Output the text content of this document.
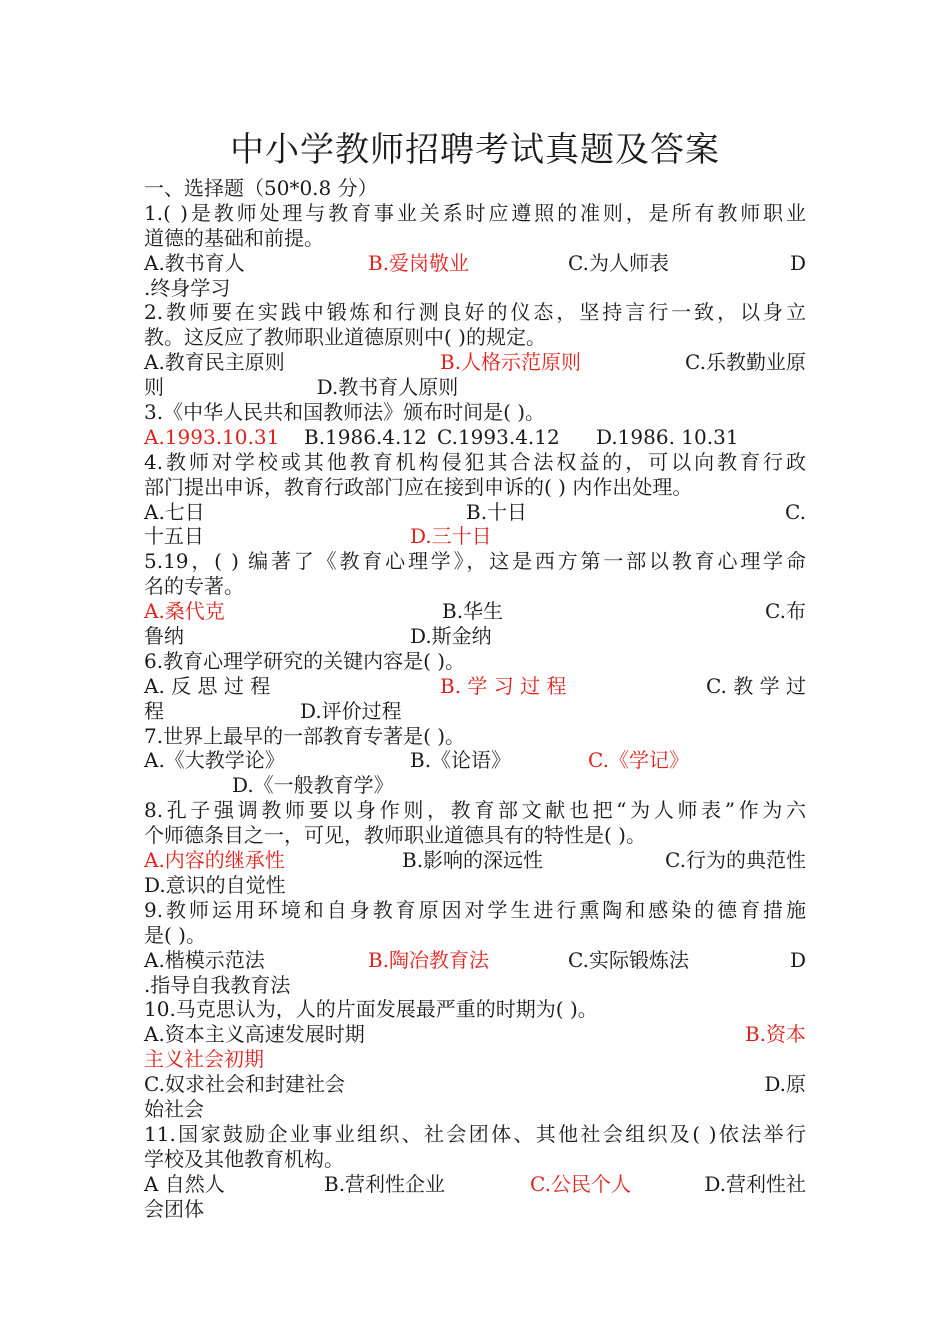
中小学教师招聘考试真题及答案
一、选择题（50*0.8 分）
1.( )是教师处理与教育事业关系时应遵照的准则，是所有教师职业
道德的基础和前提。
A.教书育人	B.爱岗敬业	C.为人师表	D
.终身学习
2.教师要在实践中锻炼和行测良好的仪态，坚持言行一致，以身立
教。这反应了教师职业道德原则中( )的规定。
A.教育民主原则	B.人格示范原则	C.乐教勤业原
则                        D.教书育人原则
3.《中华人民共和国教师法》颁布时间是( )。
A.1993.10.31 B.1986.4.12 C.1993.4.12 D.1986. 10.31
4.教师对学校或其他教育机构侵犯其合法权益的，可以向教育行政
部门提出申诉，教育行政部门应在接到申诉的( ) 内作出处理。
A.七日	B.十日	C.
十五日	D.三十日
5.19，( ) 编著了《教育心理学》，这是西方第一部以教育心理学命
名的专著。
A.桑代克	B.华生	C.布
鲁纳	D.斯金纳
6.教育心理学研究的关键内容是( )。
A. 反 思 过 程	B. 学 习 过 程	C. 教 学 过
程	D.评价过程
7.世界上最早的一部教育专著是( )。
A.《大教学论》	B.《论语》	C.《学记》
D.《一般教育学》
8.孔子强调教师要以身作则，教育部文献也把“为人师表”作为六
个师德条目之一，可见，教师职业道德具有的特性是( )。
A.内容的继承性	B.影响的深远性	C.行为的典范性
D.意识的自觉性
9.教师运用环境和自身教育原因对学生进行熏陶和感染的德育措施
是( )。
A.楷模示范法	B.陶冶教育法	C.实际锻炼法	D
.指导自我教育法
10.马克思认为，人的片面发展最严重的时期为( )。
A.资本主义高速发展时期	B.资本
主义社会初期
C.奴求社会和封建社会	D.原
始社会
11.国家鼓励企业事业组织、社会团体、其他社会组织及( )依法举行
学校及其他教育机构。
A 自然人	B.营利性企业	C.公民个人	D.营利性社
会团体
